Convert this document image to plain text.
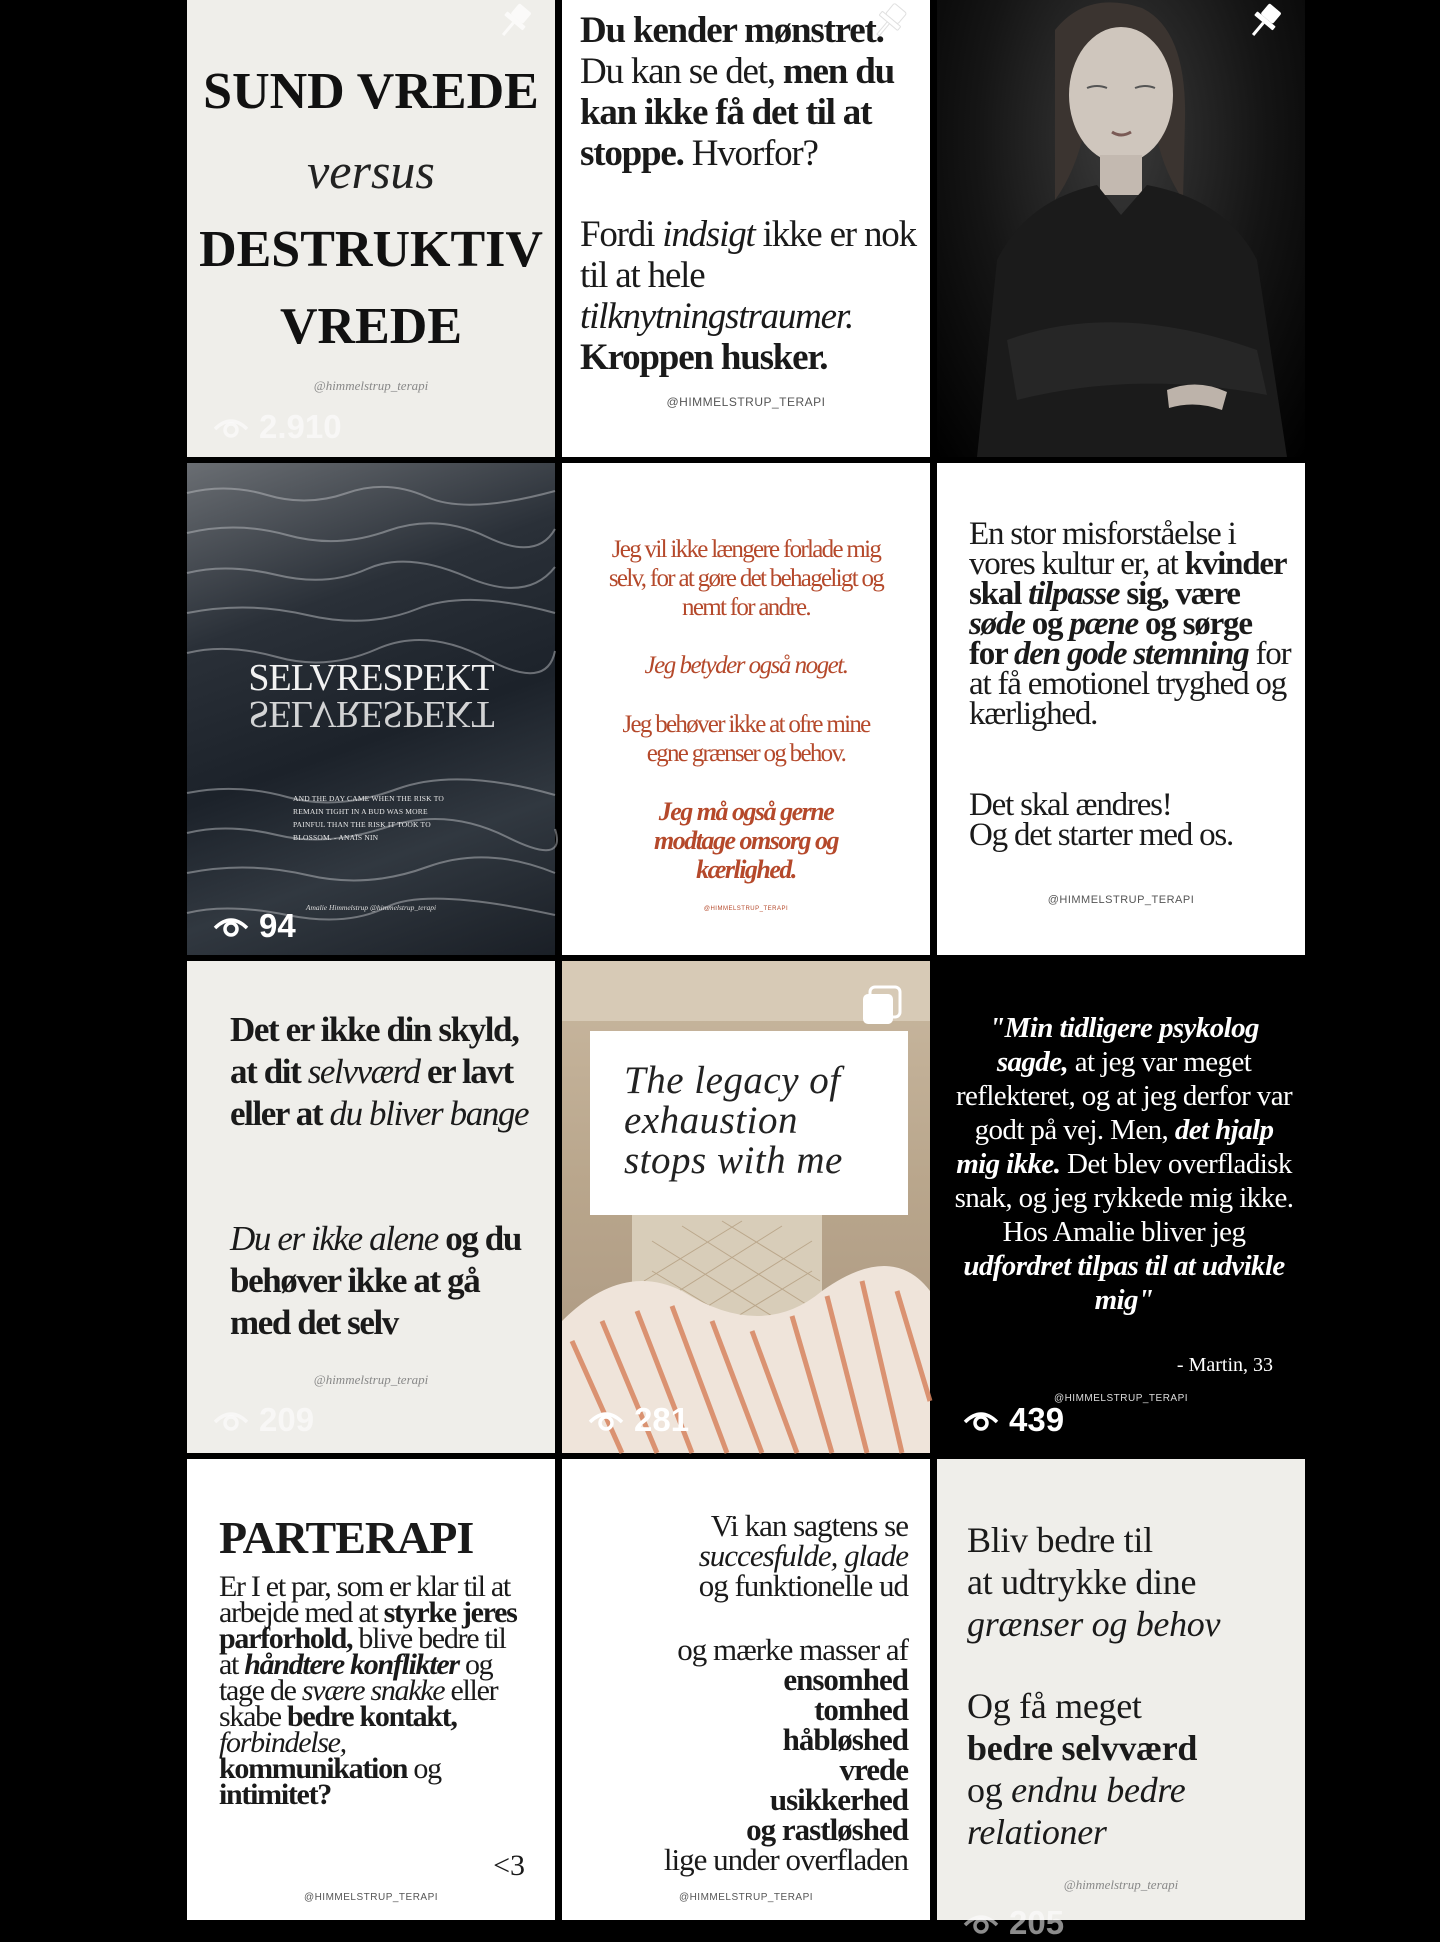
SUND VREDE
versus
DESTRUKTIV
VREDE
@himmelstrup_terapi
2.910
Du kender mønstret.
Du kan se det, men du kan ikke få det til at stoppe. Hvorfor?
Fordi indsigt ikke er nok til at hele tilknytningstraumer.
Kroppen husker.
@HIMMELSTRUP_TERAPI
SELVRESPEKT
SELVRESPEKT
AND THE DAY CAME WHEN THE RISK TO REMAIN TIGHT IN A BUD WAS MORE PAINFUL THAN THE RISK IT TOOK TO BLOSSOM. - ANAÏS NIN
Amalie Himmelstrup @himmelstrup_terapi
94
Jeg vil ikke længere forlade mig selv, for at gøre det behageligt og nemt for andre.
Jeg betyder også noget.
Jeg behøver ikke at ofre mine egne grænser og behov.
Jeg må også gerne modtage omsorg og kærlighed.
@HIMMELSTRUP_TERAPI
En stor misforståelse i vores kultur er, at kvinder skal tilpasse sig, være søde og pæne og sørge for den gode stemning for at få emotionel tryghed og kærlighed.
Det skal ændres!
Og det starter med os.
@HIMMELSTRUP_TERAPI
Det er ikke din skyld, at dit selvværd er lavt eller at du bliver bange
Du er ikke alene og du behøver ikke at gå med det selv
@himmelstrup_terapi
209
The legacy of
exhaustion
stops with me
281
"Min tidligere psykolog sagde, at jeg var meget reflekteret, og at jeg derfor var godt på vej. Men, det hjalp mig ikke. Det blev overfladisk snak, og jeg rykkede mig ikke. Hos Amalie bliver jeg udfordret tilpas til at udvikle mig"
- Martin, 33
@HIMMELSTRUP_TERAPI
439
PARTERAPI
Er I et par, som er klar til at arbejde med at styrke jeres parforhold, blive bedre til at håndtere konflikter og tage de svære snakke eller skabe bedre kontakt, forbindelse, kommunikation og intimitet?
<3
@HIMMELSTRUP_TERAPI
Vi kan sagtens se
succesfulde, glade
og funktionelle ud
og mærke masser af
ensomhed
tomhed
håbløshed
vrede
usikkerhed
og rastløshed
lige under overfladen
@HIMMELSTRUP_TERAPI
Bliv bedre til
at udtrykke dine
grænser og behov
Og få meget
bedre selvværd
og endnu bedre
relationer
@himmelstrup_terapi
205
